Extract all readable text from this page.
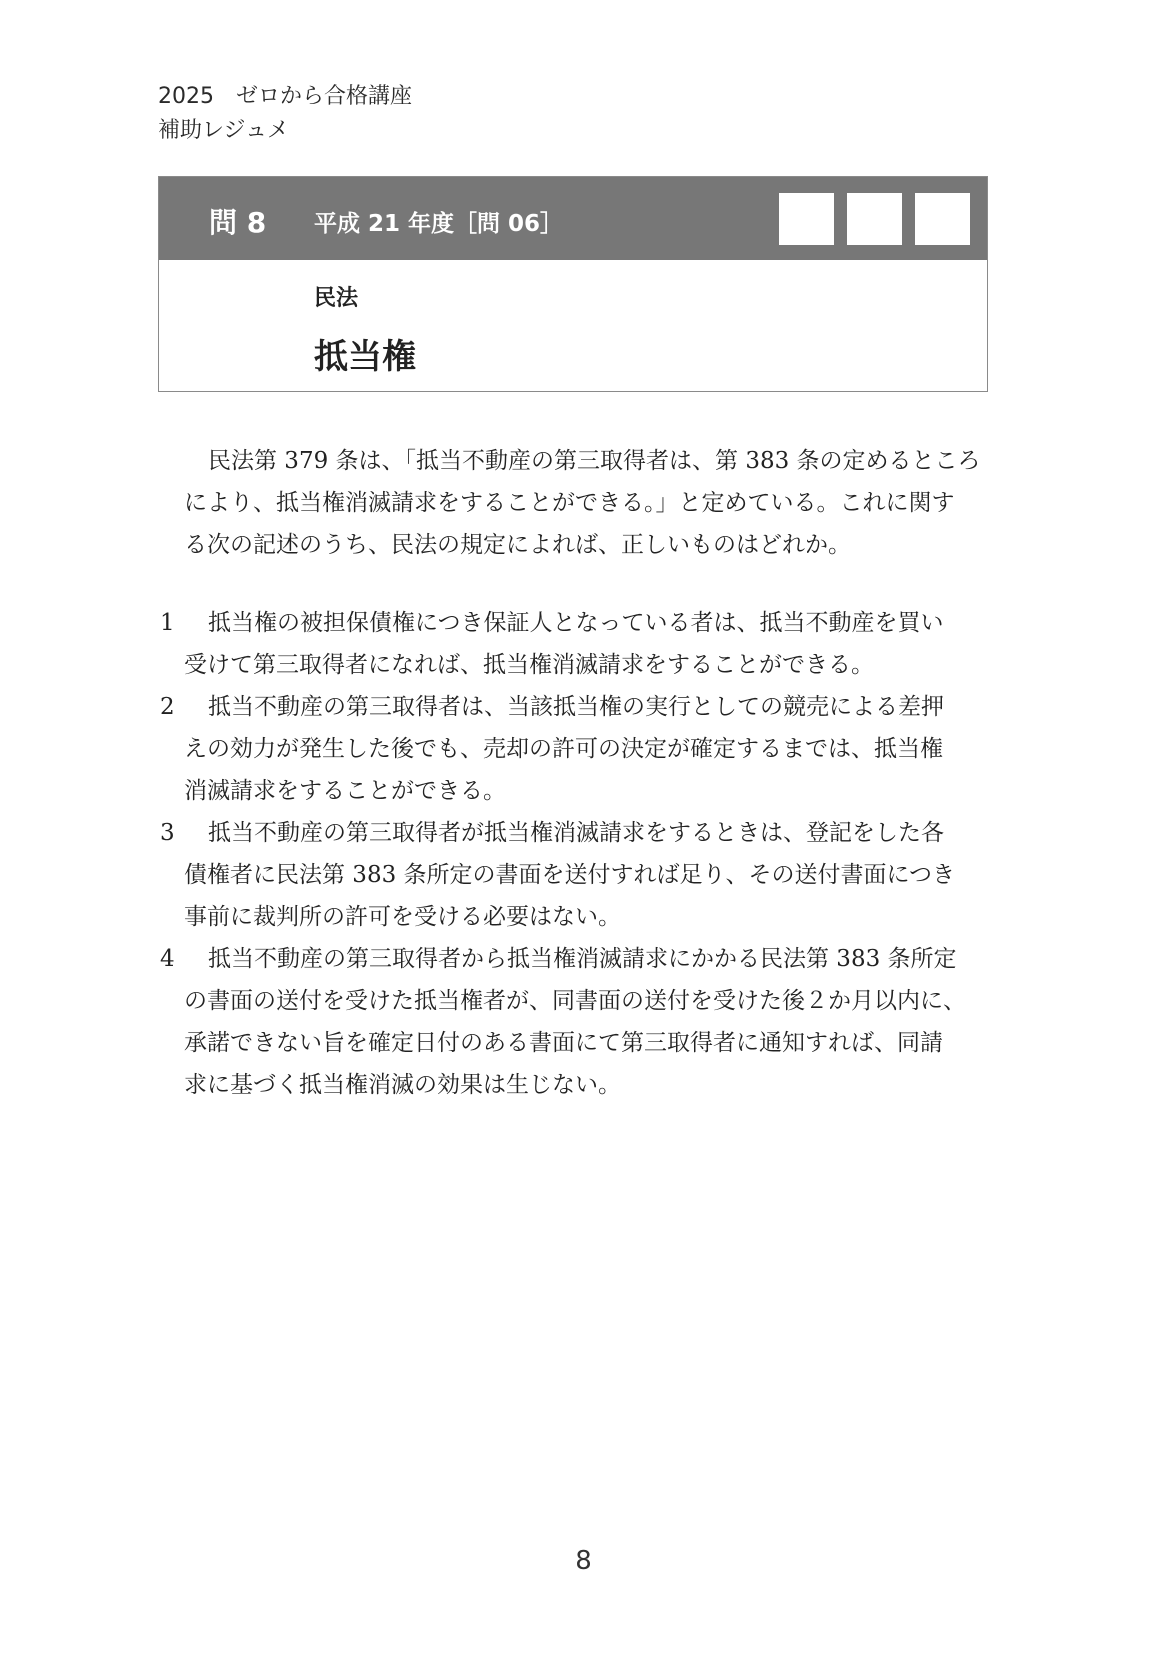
2025　ゼロから合格講座
補助レジュメ
問 8 平成 21 年度［問 06］
民法
抵当権
民法第 379 条は、「抵当不動産の第三取得者は、第 383 条の定めるところ
により、抵当権消滅請求をすることができる。」と定めている。これに関す
る次の記述のうち、民法の規定によれば、正しいものはどれか。
1 抵当権の被担保債権につき保証人となっている者は、抵当不動産を買い
受けて第三取得者になれば、抵当権消滅請求をすることができる。
2 抵当不動産の第三取得者は、当該抵当権の実行としての競売による差押
えの効力が発生した後でも、売却の許可の決定が確定するまでは、抵当権
消滅請求をすることができる。
3 抵当不動産の第三取得者が抵当権消滅請求をするときは、登記をした各
債権者に民法第 383 条所定の書面を送付すれば足り、その送付書面につき
事前に裁判所の許可を受ける必要はない。
4 抵当不動産の第三取得者から抵当権消滅請求にかかる民法第 383 条所定
の書面の送付を受けた抵当権者が、同書面の送付を受けた後２か月以内に、
承諾できない旨を確定日付のある書面にて第三取得者に通知すれば、同請
求に基づく抵当権消滅の効果は生じない。
8
